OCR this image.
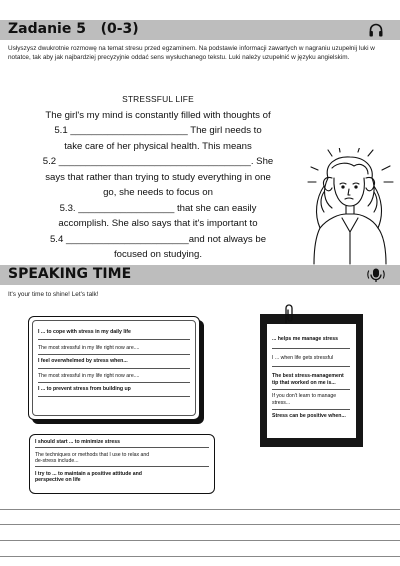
Zadanie 5   (0-3)
Usłyszysz dwukrotnie rozmowę na temat stresu przed egzaminem. Na podstawie informacji zawartych w nagraniu uzupełnij luki w notatce, tak aby jak najbardziej precyzyjnie oddać sens wysłuchanego tekstu. Luki należy uzupełnić w języku angielskim.
STRESSFUL LIFE
The girl's my mind is constantly filled with thoughts of
5.1 ______________________ The girl needs to
take care of her physical health. This means
5.2 ____________________________________. She
says that rather than trying to study everything in one
go, she needs to focus on
5.3. __________________ that she can easily
accomplish. She also says that it's important to
5.4 _______________________and not always be
focused on studying.
SPEAKING TIME
It's your time to shine! Let's talk!
I ... to cope with stress in my daily life
The most stressful in my life right now are....
I feel overwhelmed by stress when...
The most stressful in my life right now are....
I ... to prevent stress from building up
... helps me manage stress
I ... when life gets stressful
The best stress-management
tip that worked on me is...
If you don't learn to manage
stress...
Stress can be positive when...
I should start ... to minimize stress
The techniques or methods that I use to relax and
de-stress include...
I try to ... to maintain a positive attitude and
perspective on life
